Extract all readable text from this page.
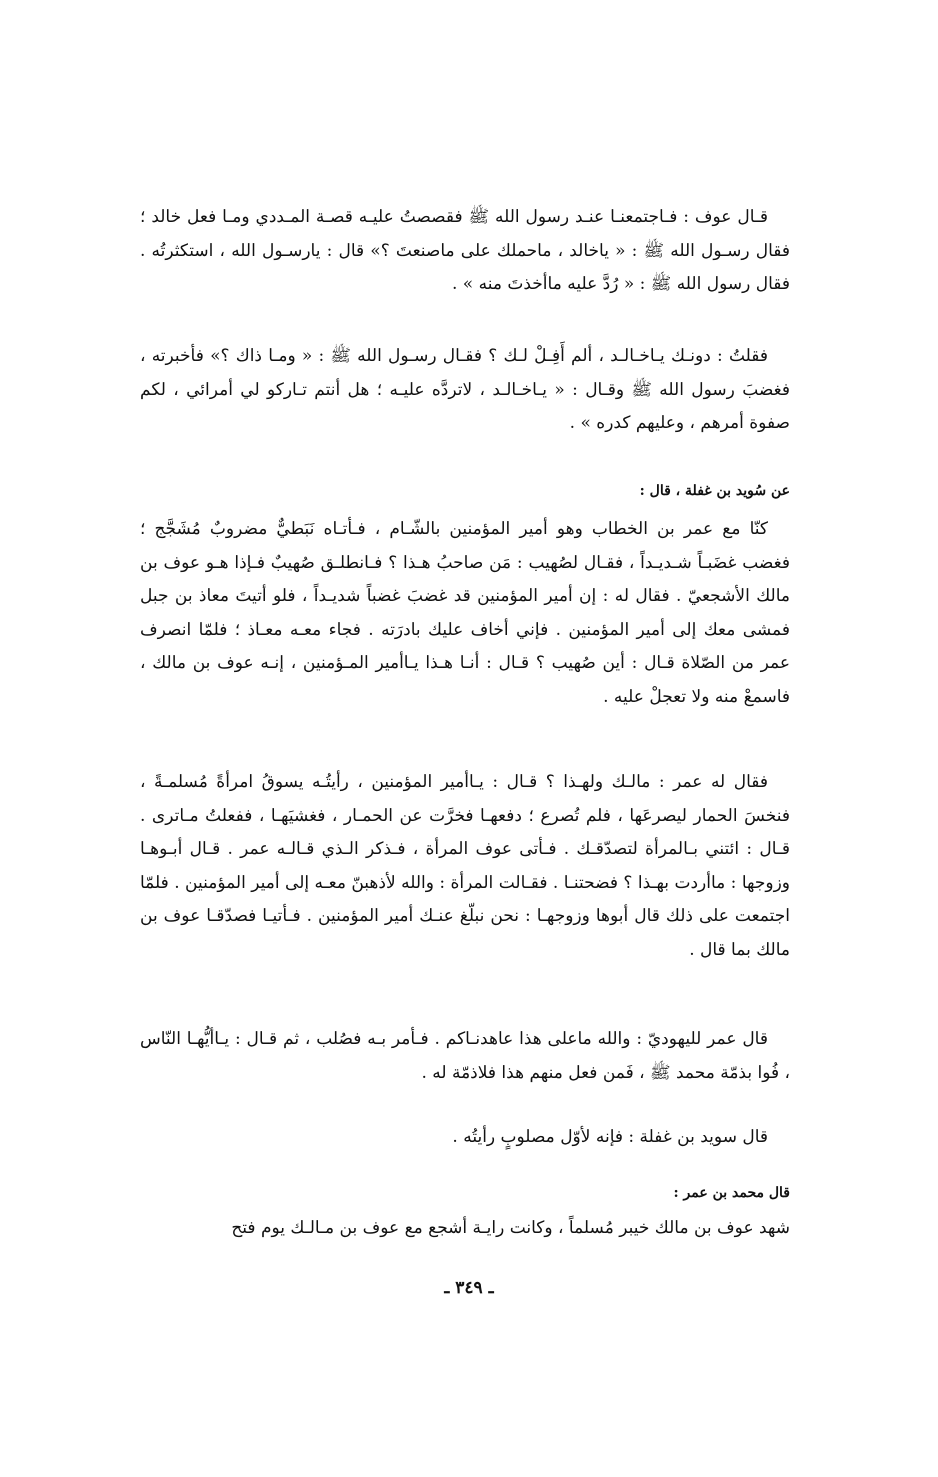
قـال عوف : فـاجتمعنـا عنـد رسول الله ﷺ فقصصتُ عليـه قصـة المـددي ومـا فعل خالد ؛ فقال رسـول الله ﷺ : « ياخالد ، ماحملك على ماصنعتَ ؟» قال : يارسـول الله ، استكثرتُه . فقال رسول الله ﷺ : « رُدَّ عليه ماأخذتَ منه » .

فقلتُ : دونـك يـاخـالـد ، ألم أَفِـلْ لـك ؟ فقـال رسـول الله ﷺ : « ومـا ذاك ؟» فأخبرته ، فغضبَ رسول الله ﷺ وقـال : « يـاخـالـد ، لاتردَّه عليـه ؛ هل أنتم تـاركو لي أمرائي ، لكم صفوة أمرهم ، وعليهم كدره » .

عن سُويد بن غفلة ، قال :

كنّا مع عمر بن الخطاب وهو أمير المؤمنين بالشّـام ، فـأتـاه نَبَطيٌّ مضروبٌ مُشَجَّج ؛ فغضب غضَبـاً شـديـداً ، فقـال لصُهيب : مَن صاحبُ هـذا ؟ فـانطلـق صُهيبٌ فـإذا هـو عوف بن مالك الأشجعيّ . فقال له : إن أمير المؤمنين قد غضبَ غضباً شديـداً ، فلو أتيتَ معاذ بن جبل فمشى معك إلى أمير المؤمنين . فإني أخاف عليك بادرَته . فجاء معـه معـاذ ؛ فلمّا انصرف عمر من الصّلاة قـال : أين صُهيب ؟ قـال : أنـا هـذا يـاأمير المـؤمنين ، إنـه عوف بن مالك ، فاسمعْ منه ولا تعجلْ عليه .

فقال له عمر : مالـك ولهـذا ؟ قـال : يـاأمير المؤمنين ، رأيتُـه يسوقُ امرأةً مُسلمـةً ، فنخسَ الحمار ليصرعَها ، فلم تُصرع ؛ دفعهـا فخرَّت عن الحمـار ، فغشيَهـا ، ففعلتُ مـاترى . قـال : ائتني بـالمرأة لتصدّقـك . فـأتى عوف المرأة ، فـذكر الـذي قـالـه عمر . قـال أبـوهـا وزوجها : ماأردت بهـذا ؟ فضحتنـا . فقـالت المرأة : والله لأذهبنّ معـه إلى أمير المؤمنين . فلمّا اجتمعت على ذلك قال أبوها وزوجهـا : نحن نبلّغ عنـك أمير المؤمنين . فـأتيـا فصدّقـا عوف بن مالك بما قال .

قال عمر لليهوديّ : والله ماعلى هذا عاهدنـاكم . فـأمر بـه فصُلب ، ثم قـال : يـاأيُّهـا النّاس ، فُوا بذمّة محمد ﷺ ، فَمن فعل منهم هذا فلاذمّة له .

قال سويد بن غفلة : فإنه لأوّل مصلوبٍ رأيتُه .

قال محمد بن عمر :

شهد عوف بن مالك خيبر مُسلماً ، وكانت رايـة أشجع مع عوف بن مـالـك يوم فتح

ـ ٣٤٩ ـ
